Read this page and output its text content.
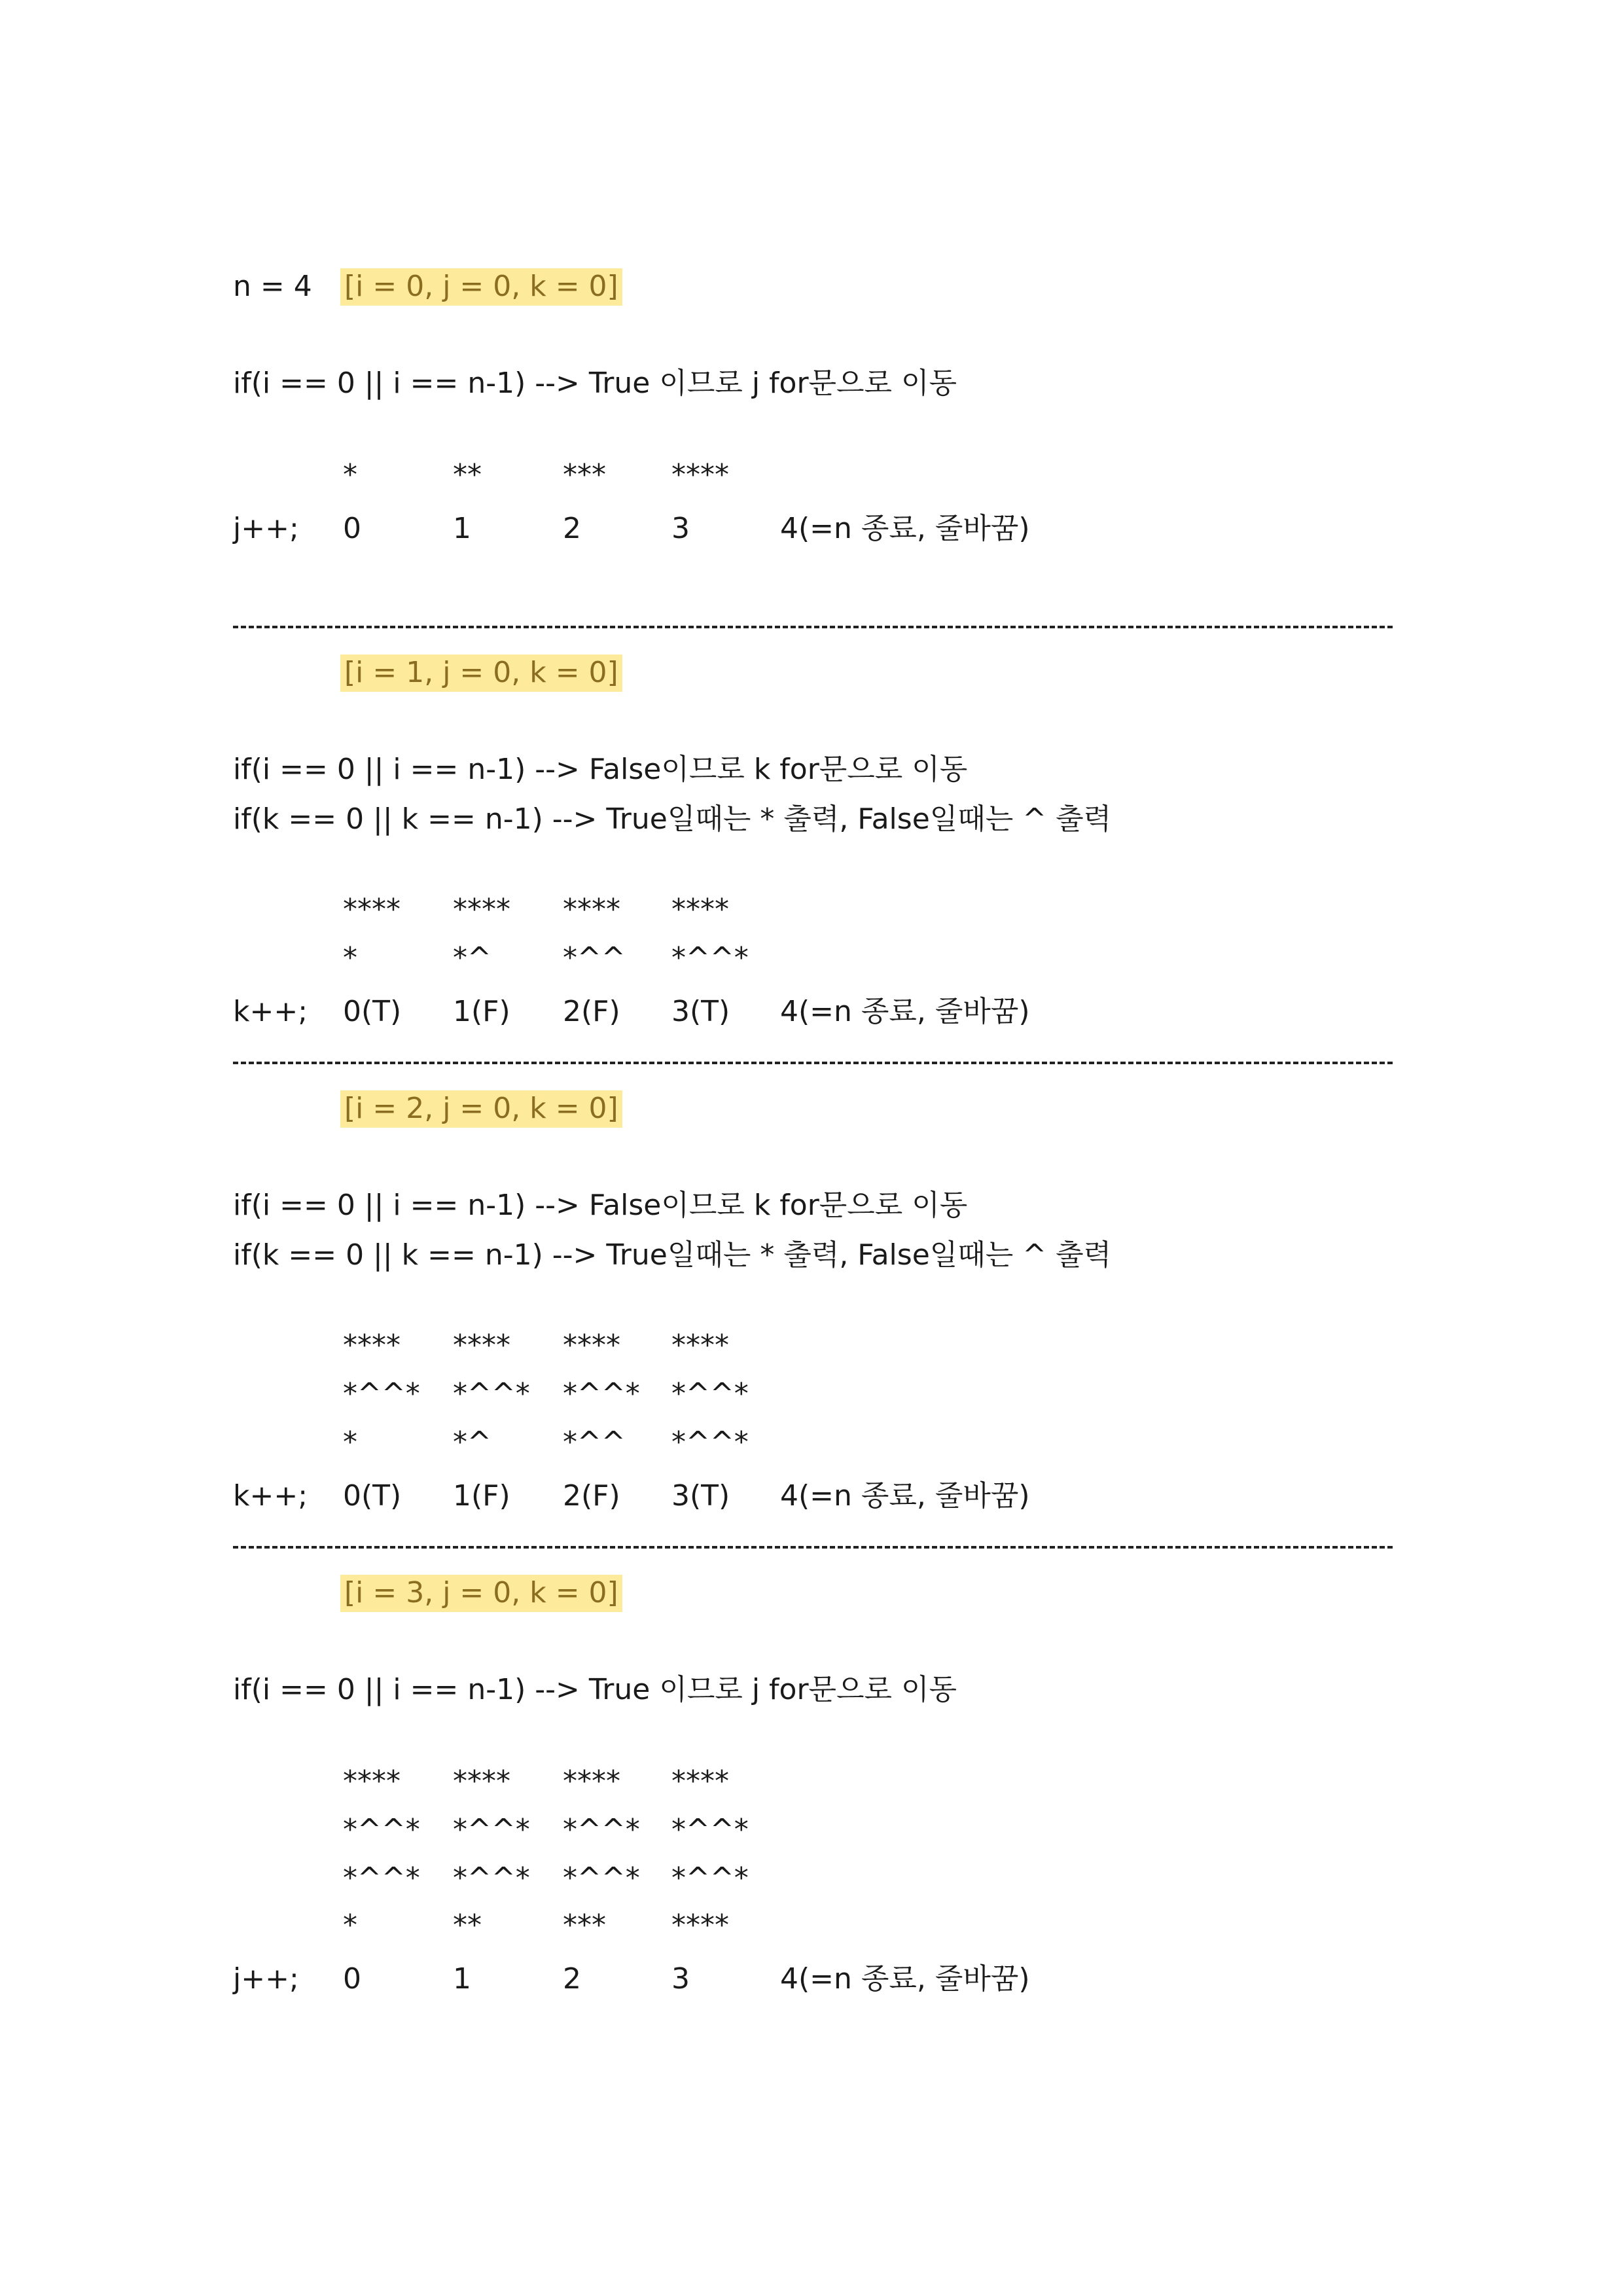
n = 4 [i = 0, j = 0, k = 0]
if(i == 0 || i == n-1) --> True 이므로 j for문으로 이동
*	**	*** ****
j++; 0	1	2	3	4(=n 종료, 줄바꿈)
[i = 1, j = 0, k = 0]
if(i == 0 || i == n-1) --> False이므로 k for문으로 이동
if(k == 0 || k == n-1) --> True일때는 * 출력, False일때는 ^ 출력
**** **** **** ****
*	*^ *^^ *^^*
k++; 0(T) 1(F) 2(F) 3(T) 4(=n 종료, 줄바꿈)
[i = 2, j = 0, k = 0]
if(i == 0 || i == n-1) --> False이므로 k for문으로 이동
if(k == 0 || k == n-1) --> True일때는 * 출력, False일때는 ^ 출력
**** **** **** ****
*^^* *^^* *^^* *^^*
*	*^ *^^ *^^*
k++; 0(T) 1(F) 2(F) 3(T) 4(=n 종료, 줄바꿈)
[i = 3, j = 0, k = 0]
if(i == 0 || i == n-1) --> True 이므로 j for문으로 이동
**** **** **** ****
*^^* *^^* *^^* *^^*
*^^* *^^* *^^* *^^*
*	**	*** ****
j++; 0	1	2	3	4(=n 종료, 줄바꿈)
